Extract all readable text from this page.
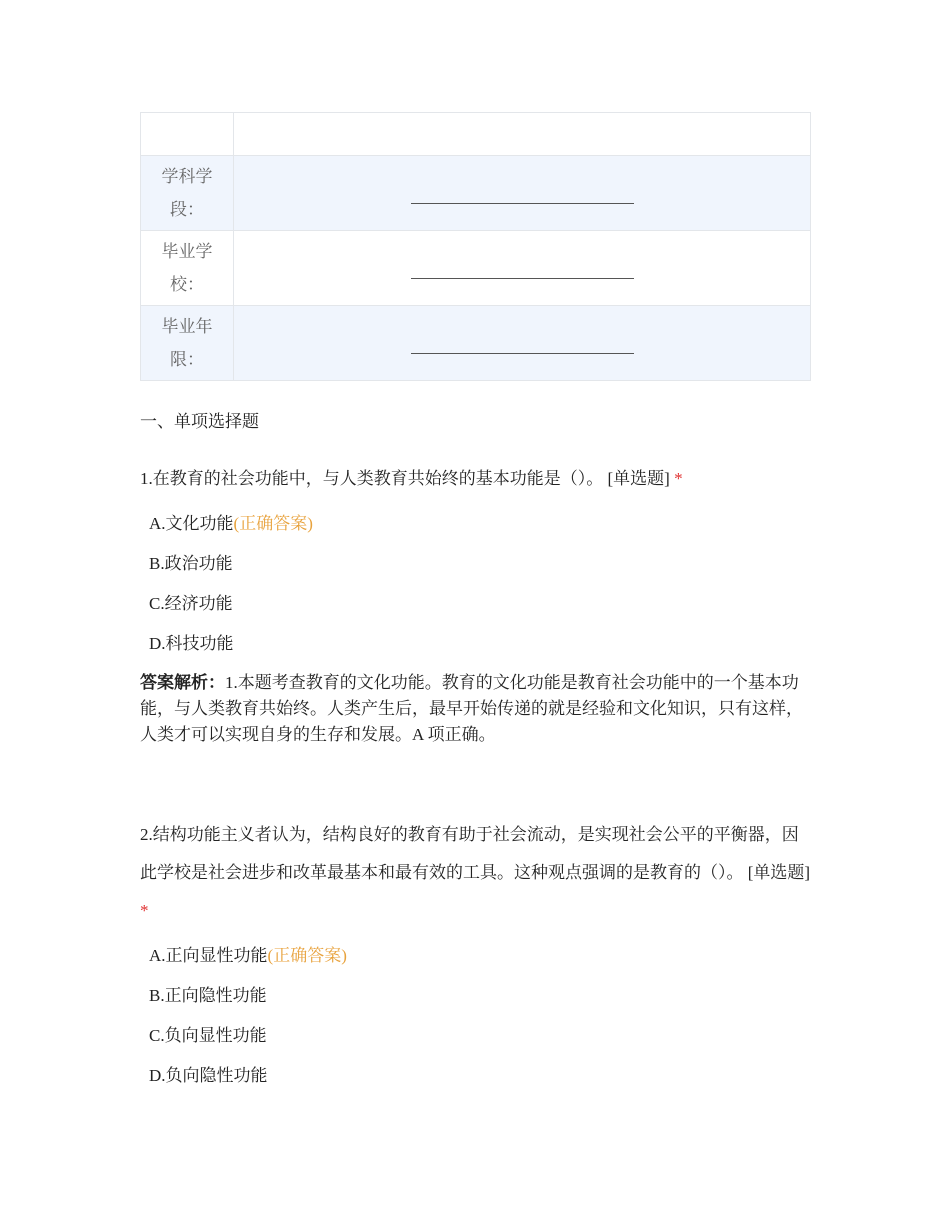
学科学段：	
毕业学校：	
毕业年限：	
一、单项选择题
1.在教育的社会功能中，与人类教育共始终的基本功能是（）。 [单选题] *
A.文化功能(正确答案)
B.政治功能
C.经济功能
D.科技功能
答案解析：1.本题考查教育的文化功能。教育的文化功能是教育社会功能中的一个基本功能，与人类教育共始终。人类产生后，最早开始传递的就是经验和文化知识，只有这样，人类才可以实现自身的生存和发展。A 项正确。
2.结构功能主义者认为，结构良好的教育有助于社会流动，是实现社会公平的平衡器，因此学校是社会进步和改革最基本和最有效的工具。这种观点强调的是教育的（）。 [单选题] *
A.正向显性功能(正确答案)
B.正向隐性功能
C.负向显性功能
D.负向隐性功能
